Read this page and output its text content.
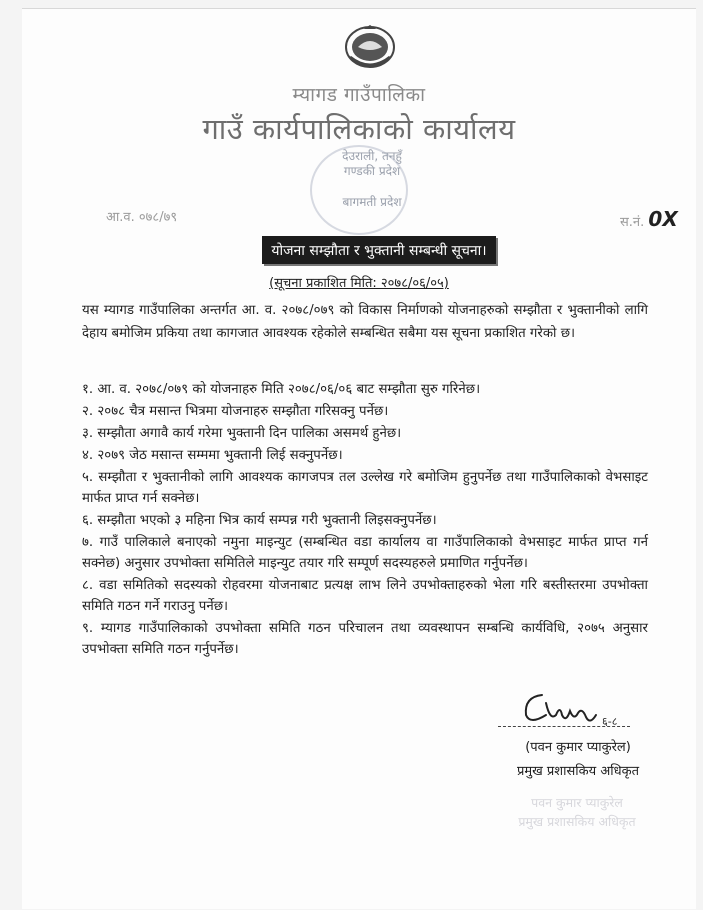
म्यागड गाउँपालिका
गाउँ कार्यपालिकाको कार्यालय
देउराली, तनहुँ
गण्डकी प्रदेश
बागमती प्रदेश
आ.व. ०७८/७९	स.नं. 0X
योजना सम्झौता र भुक्तानी सम्बन्धी सूचना।
(सूचना प्रकाशित मिति: २०७८/०६/०५)
यस म्यागड गाउँपालिका अन्तर्गत आ. व. २०७८/०७९ को विकास निर्माणको योजनाहरुको सम्झौता र भुक्तानीको लागि देहाय बमोजिम प्रकिया तथा कागजात आवश्यक रहेकोले सम्बन्धित सबैमा यस सूचना प्रकाशित गरेको छ।

१. आ. व. २०७८/०७९ को योजनाहरु मिति २०७८/०६/०६ बाट सम्झौता सुरु गरिनेछ।

२. २०७८ चैत्र मसान्त भित्रमा योजनाहरु सम्झौता गरिसक्नु पर्नेछ।

३. सम्झौता अगावै कार्य गरेमा भुक्तानी दिन पालिका असमर्थ हुनेछ।

४. २०७९ जेठ मसान्त सम्ममा भुक्तानी लिई सक्नुपर्नेछ।

५. सम्झौता र भुक्तानीको लागि आवश्यक कागजपत्र तल उल्लेख गरे बमोजिम हुनुपर्नेछ तथा गाउँपालिकाको वेभसाइट मार्फत प्राप्त गर्न सक्नेछ।

६. सम्झौता भएको ३ महिना भित्र कार्य सम्पन्न गरी भुक्तानी लिइसक्नुपर्नेछ।

७. गाउँ पालिकाले बनाएको नमुना माइन्युट (सम्बन्धित वडा कार्यालय वा गाउँपालिकाको वेभसाइट मार्फत प्राप्त गर्न सक्नेछ) अनुसार उपभोक्ता समितिले माइन्युट तयार गरि सम्पूर्ण सदस्यहरुले प्रमाणित गर्नुपर्नेछ।

८. वडा समितिको सदस्यको रोहवरमा योजनाबाट प्रत्यक्ष लाभ लिने उपभोक्ताहरुको भेला गरि बस्तीस्तरमा उपभोक्ता समिति गठन गर्ने गराउनु पर्नेछ।

९. म्यागड गाउँपालिकाको उपभोक्ता समिति गठन परिचालन तथा व्यवस्थापन सम्बन्धि कार्यविधि, २०७५ अनुसार उपभोक्ता समिति गठन गर्नुपर्नेछ।

६-८
(पवन कुमार प्याकुरेल)
प्रमुख प्रशासकिय अधिकृत
पवन कुमार प्याकुरेल
प्रमुख प्रशासकिय अधिकृत
